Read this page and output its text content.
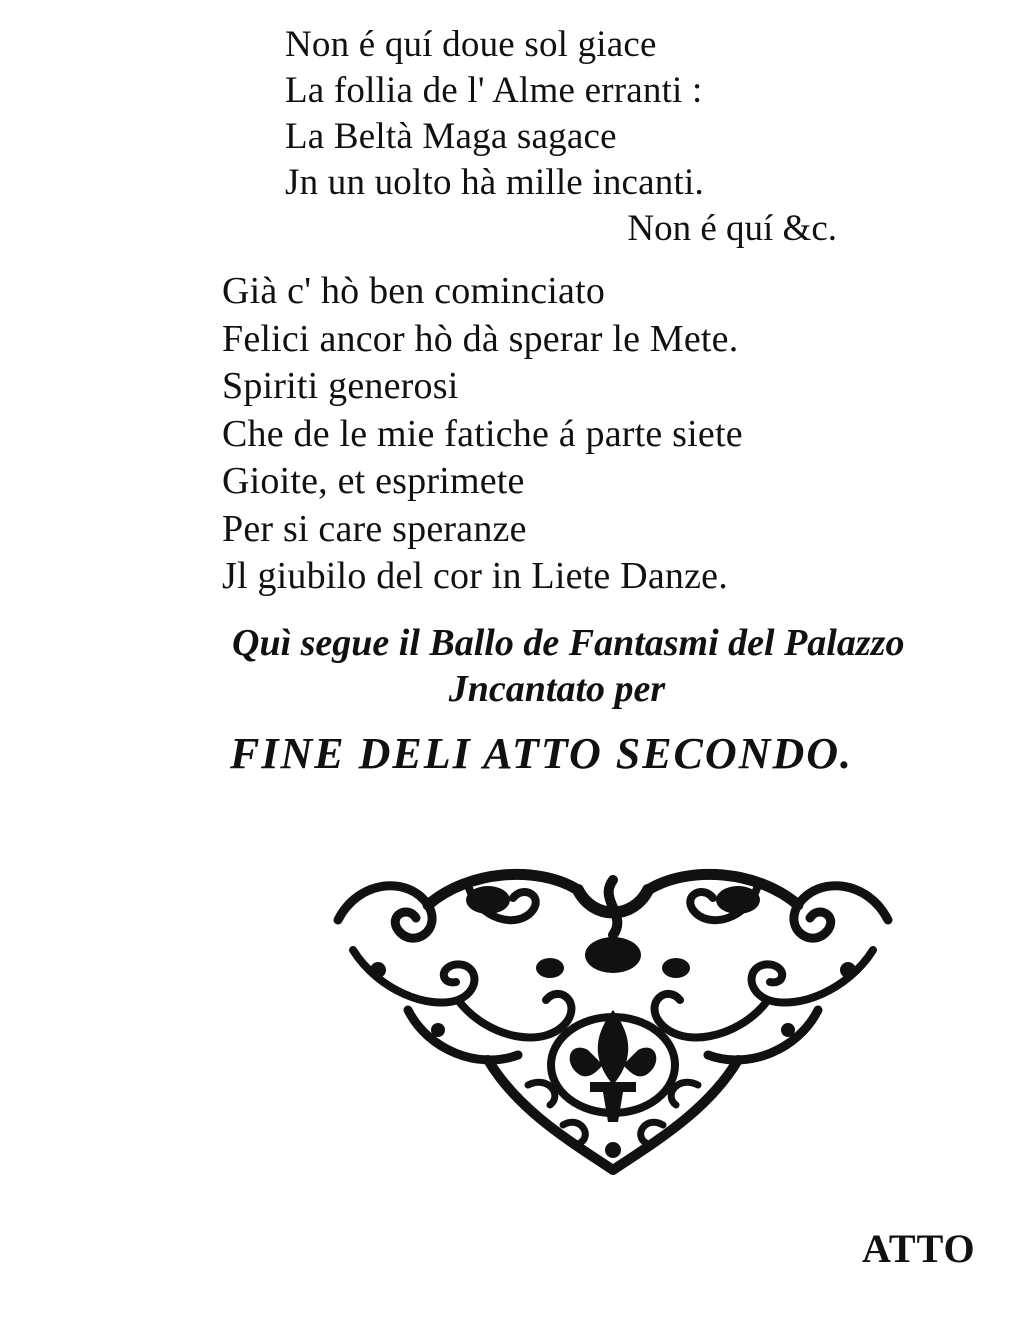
Non é quí doue sol giace
La follia de l' Alme erranti :
La Beltà Maga sagace
Jn un uolto hà mille incanti.
Non é quí &c.
Già c' hò ben cominciato
Felici ancor hò dà sperar le Mete.
Spiriti generosi
Che de le mie fatiche á parte siete
Gioite, et esprimete
Per si care speranze
Jl giubilo del cor in Liete Danze.
Quì segue il Ballo de Fantasmi del Palazzo
Jncantato per
FINE DELI ATTO SECONDO.
ATTO
